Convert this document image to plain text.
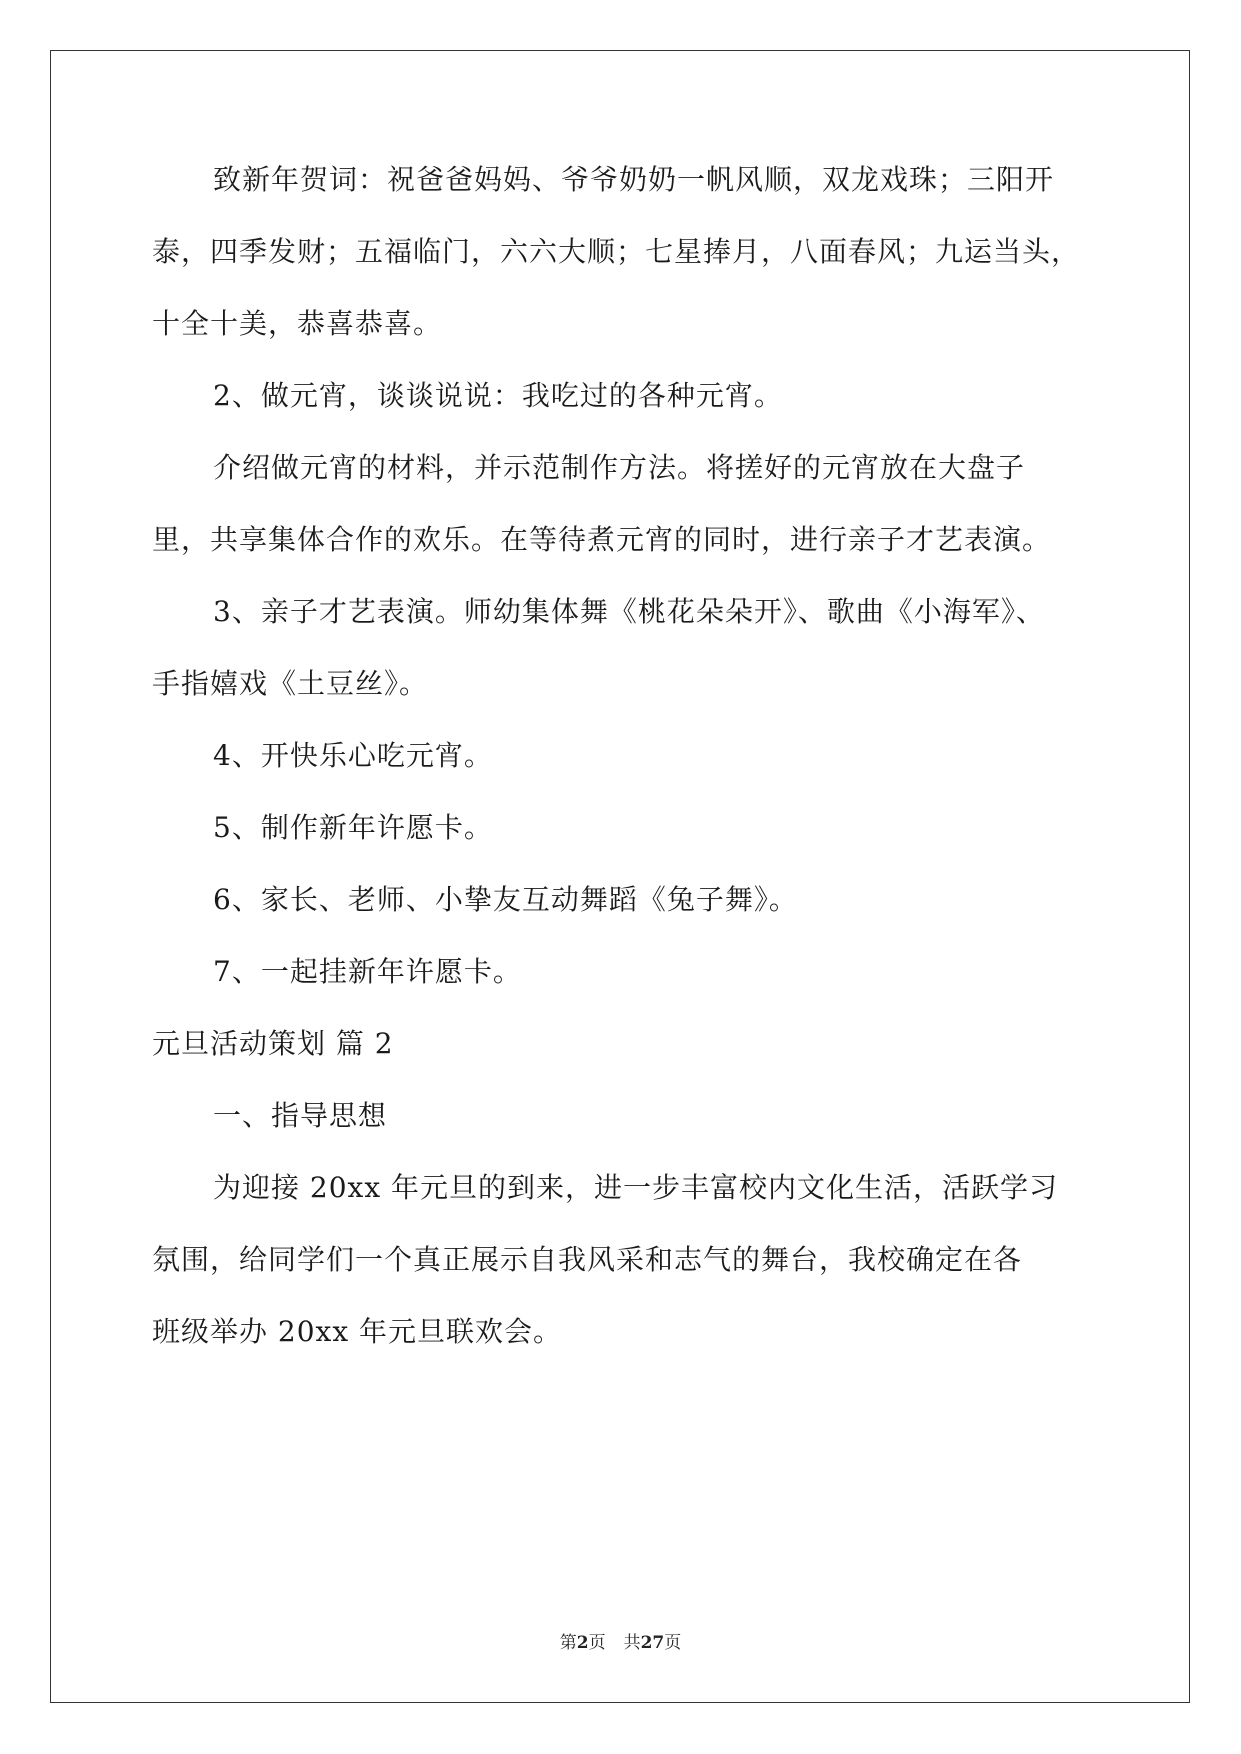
致新年贺词：祝爸爸妈妈、爷爷奶奶一帆风顺，双龙戏珠；三阳开
泰，四季发财；五福临门，六六大顺；七星捧月，八面春风；九运当头，
十全十美，恭喜恭喜。
2、做元宵，谈谈说说：我吃过的各种元宵。
介绍做元宵的材料，并示范制作方法。将搓好的元宵放在大盘子
里，共享集体合作的欢乐。在等待煮元宵的同时，进行亲子才艺表演。
3、亲子才艺表演。师幼集体舞《桃花朵朵开》、歌曲《小海军》、
手指嬉戏《土豆丝》。
4、开快乐心吃元宵。
5、制作新年许愿卡。
6、家长、老师、小挚友互动舞蹈《兔子舞》。
7、一起挂新年许愿卡。
元旦活动策划 篇 2
一、指导思想
为迎接 20xx 年元旦的到来，进一步丰富校内文化生活，活跃学习
氛围，给同学们一个真正展示自我风采和志气的舞台，我校确定在各
班级举办 20xx 年元旦联欢会。
第2页 共27页
